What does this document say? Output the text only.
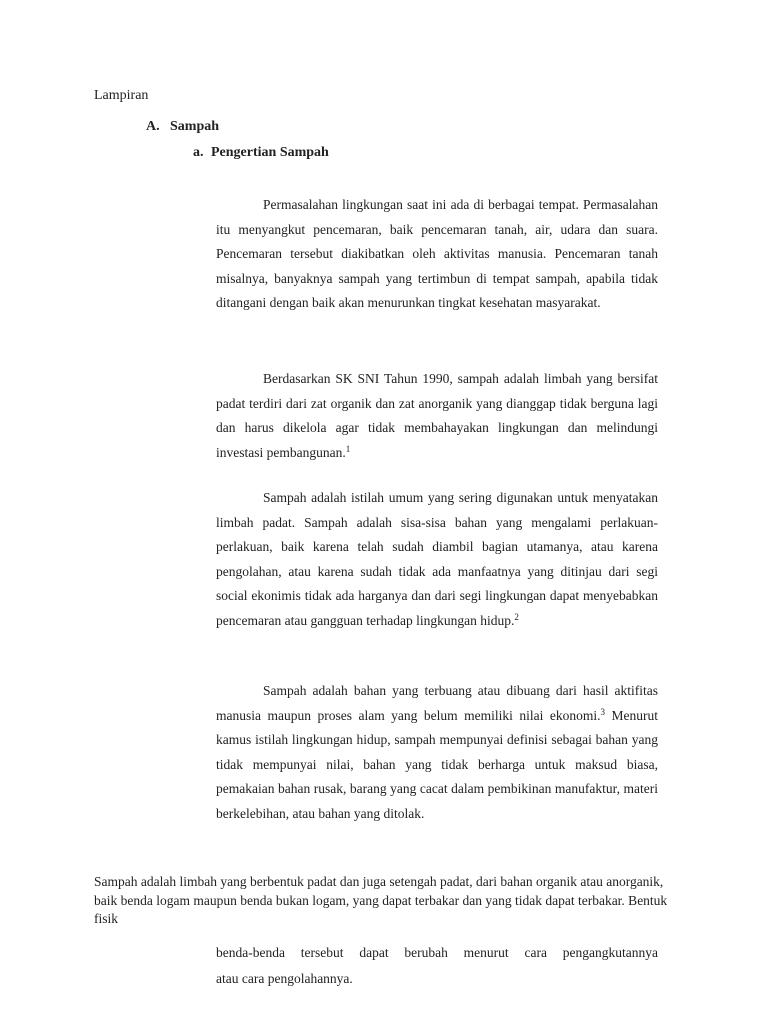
Lampiran
A. Sampah
a. Pengertian Sampah

Permasalahan lingkungan saat ini ada di berbagai tempat. Permasalahan itu menyangkut pencemaran, baik pencemaran tanah, air, udara dan suara. Pencemaran tersebut diakibatkan oleh aktivitas manusia. Pencemaran tanah misalnya, banyaknya sampah yang tertimbun di tempat sampah, apabila tidak ditangani dengan baik akan menurunkan tingkat kesehatan masyarakat.

Berdasarkan SK SNI Tahun 1990, sampah adalah limbah yang bersifat padat terdiri dari zat organik dan zat anorganik yang dianggap tidak berguna lagi dan harus dikelola agar tidak membahayakan lingkungan dan melindungi investasi pembangunan.$^1$

Sampah adalah istilah umum yang sering digunakan untuk menyatakan limbah padat. Sampah adalah sisa-sisa bahan yang mengalami perlakuan-perlakuan, baik karena telah sudah diambil bagian utamanya, atau karena pengolahan, atau karena sudah tidak ada manfaatnya yang ditinjau dari segi social ekonimis tidak ada harganya dan dari segi lingkungan dapat menyebabkan pencemaran atau gangguan terhadap lingkungan hidup.$^2$

Sampah adalah bahan yang terbuang atau dibuang dari hasil aktifitas manusia maupun proses alam yang belum memiliki nilai ekonomi.$^3$ Menurut kamus istilah lingkungan hidup, sampah mempunyai definisi sebagai bahan yang tidak mempunyai nilai, bahan yang tidak berharga untuk maksud biasa, pemakaian bahan rusak, barang yang cacat dalam pembikinan manufaktur, materi berkelebihan, atau bahan yang ditolak.

Sampah adalah limbah yang berbentuk padat dan juga setengah padat, dari bahan organik atau anorganik, baik benda logam maupun benda bukan logam, yang dapat terbakar dan yang tidak dapat terbakar. Bentuk fisik

benda-benda tersebut dapat berubah menurut cara pengangkutannya
atau cara pengolahannya.
